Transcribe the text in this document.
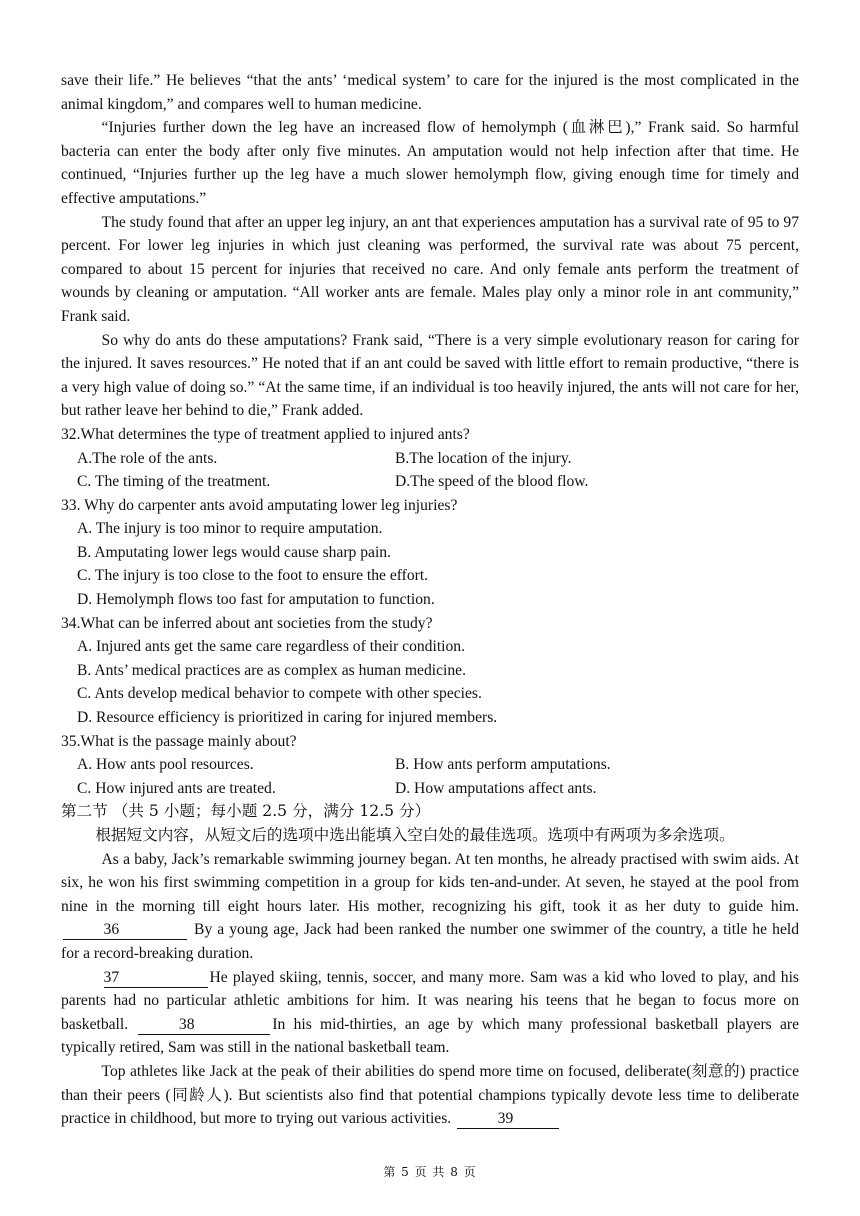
save their life.” He believes “that the ants’ ‘medical system’ to care for the injured is the most complicated in the animal kingdom,” and compares well to human medicine.

“Injuries further down the leg have an increased flow of hemolymph (血淋巴),” Frank said. So harmful bacteria can enter the body after only five minutes. An amputation would not help infection after that time. He continued, “Injuries further up the leg have a much slower hemolymph flow, giving enough time for timely and effective amputations.”

The study found that after an upper leg injury, an ant that experiences amputation has a survival rate of 95 to 97 percent. For lower leg injuries in which just cleaning was performed, the survival rate was about 75 percent, compared to about 15 percent for injuries that received no care. And only female ants perform the treatment of wounds by cleaning or amputation. “All worker ants are female. Males play only a minor role in ant community,” Frank said.

So why do ants do these amputations? Frank said, “There is a very simple evolutionary reason for caring for the injured. It saves resources.” He noted that if an ant could be saved with little effort to remain productive, “there is a very high value of doing so.” “At the same time, if an individual is too heavily injured, the ants will not care for her, but rather leave her behind to die,” Frank added.

32.What determines the type of treatment applied to injured ants?

A.The role of the ants.	B.The location of the injury.
C. The timing of the treatment.	D.The speed of the blood flow.

33. Why do carpenter ants avoid amputating lower leg injuries?

A. The injury is too minor to require amputation.

B. Amputating lower legs would cause sharp pain.

C. The injury is too close to the foot to ensure the effort.

D. Hemolymph flows too fast for amputation to function.

34.What can be inferred about ant societies from the study?

A. Injured ants get the same care regardless of their condition.

B. Ants’ medical practices are as complex as human medicine.

C. Ants develop medical behavior to compete with other species.

D. Resource efficiency is prioritized in caring for injured members.

35.What is the passage mainly about?

A. How ants pool resources.	B. How ants perform amputations.
C. How injured ants are treated.	D. How amputations affect ants.

第二节 （共 5 小题；每小题 2.5 分，满分 12.5 分）

根据短文内容，从短文后的选项中选出能填入空白处的最佳选项。选项中有两项为多余选项。

As a baby, Jack’s remarkable swimming journey began. At ten months, he already practised with swim aids. At six, he won his first swimming competition in a group for kids ten-and-under. At seven, he stayed at the pool from nine in the morning till eight hours later. His mother, recognizing his gift, took it as her duty to guide him. 36	By a young age, Jack had been ranked the number one swimmer of the country, a title he held for a record-breaking duration.

37	He played skiing, tennis, soccer, and many more. Sam was a kid who loved to play, and his parents had no particular athletic ambitions for him. It was nearing his teens that he began to focus more on basketball.	38	In his mid-thirties, an age by which many professional basketball players are typically retired, Sam was still in the national basketball team.

Top athletes like Jack at the peak of their abilities do spend more time on focused, deliberate(刻意的) practice than their peers (同龄人). But scientists also find that potential champions typically devote less time to deliberate practice in childhood, but more to trying out various activities.	39

第 5 页 共 8 页
